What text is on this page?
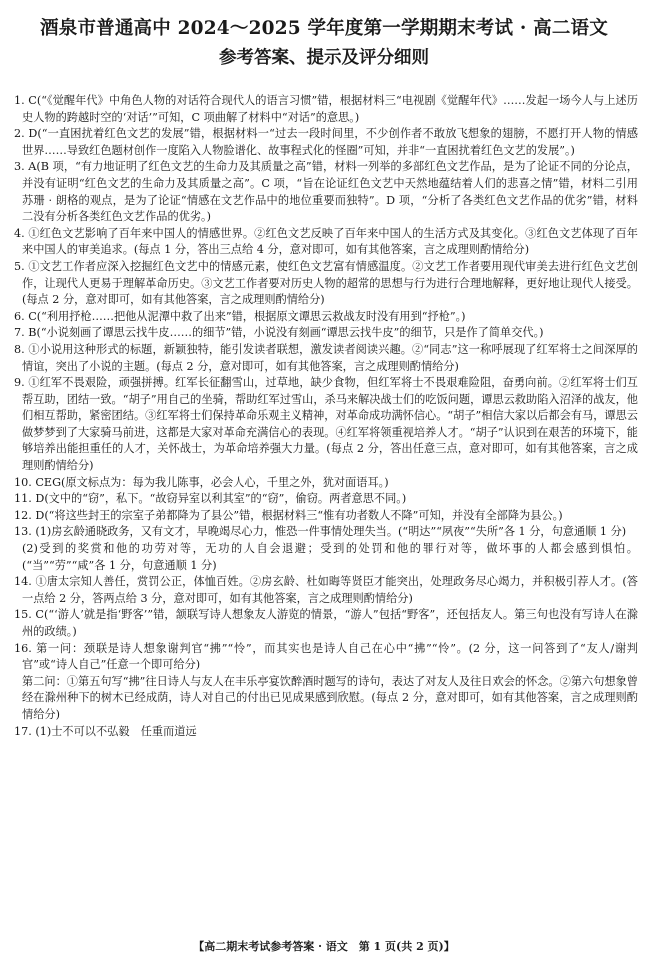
酒泉市普通高中 2024～2025 学年度第一学期期末考试 · 高二语文
参考答案、提示及评分细则

1. C(“《觉醒年代》中角色人物的对话符合现代人的语言习惯”错，根据材料三“电视剧《觉醒年代》……发起一场今人与上述历史人物的跨越时空的‘对话’”可知，C 项曲解了材料中“对话”的意思。)

2. D(“一直困扰着红色文艺的发展”错，根据材料一“过去一段时间里，不少创作者不敢放飞想象的翅膀，不愿打开人物的情感世界……导致红色题材创作一度陷入人物脸谱化、故事程式化的怪圈”可知，并非“一直困扰着红色文艺的发展”。)

3. A(B 项，“有力地证明了红色文艺的生命力及其质量之高”错，材料一列举的多部红色文艺作品，是为了论证不同的分论点，并没有证明“红色文艺的生命力及其质量之高”。C 项，“旨在论证红色文艺中天然地蕴结着人们的悲喜之情”错，材料二引用苏珊 · 朗格的观点，是为了论证“情感在文艺作品中的地位重要而独特”。D 项，“分析了各类红色文艺作品的优劣”错，材料二没有分析各类红色文艺作品的优劣。)

4. ①红色文艺影响了百年来中国人的情感世界。②红色文艺反映了百年来中国人的生活方式及其变化。③红色文艺体现了百年来中国人的审美追求。(每点 1 分，答出三点给 4 分，意对即可，如有其他答案，言之成理则酌情给分)

5. ①文艺工作者应深入挖掘红色文艺中的情感元素，使红色文艺富有情感温度。②文艺工作者要用现代审美去进行红色文艺创作，让现代人更易于理解革命历史。③文艺工作者要对历史人物的超常的思想与行为进行合理地解释，更好地让现代人接受。(每点 2 分，意对即可，如有其他答案，言之成理则酌情给分)

6. C(“利用抒枪……把他从泥潭中救了出来”错，根据原文谭思云救战友时没有用到“抒枪”。)

7. B(“小说刻画了谭思云找牛皮……的细节”错，小说没有刻画“谭思云找牛皮”的细节，只是作了简单交代。)

8. ①小说用这种形式的标题，新颖独特，能引发读者联想，激发读者阅读兴趣。②“同志”这一称呼展现了红军将士之间深厚的情谊，突出了小说的主题。(每点 2 分，意对即可，如有其他答案，言之成理则酌情给分)

9. ①红军不畏艰险，顽强拼搏。红军长征翻雪山，过草地，缺少食物，但红军将士不畏艰难险阻，奋勇向前。②红军将士们互帮互助，团结一致。“胡子”用自己的坐骑，帮助红军过雪山，杀马来解决战士们的吃饭问题，谭思云救助陷入沼泽的战友，他们相互帮助，紧密团结。③红军将士们保持革命乐观主义精神，对革命成功满怀信心。“胡子”相信大家以后都会有马，谭思云做梦梦到了大家骑马前进，这都是大家对革命充满信心的表现。④红军将领重视培养人才。“胡子”认识到在艰苦的环境下，能够培养出能担重任的人才，关怀战士，为革命培养强大力量。(每点 2 分，答出任意三点，意对即可，如有其他答案，言之成理则酌情给分)

10. CEG(原文标点为：每为我儿陈事，必会人心，千里之外，犹对面语耳。)

11. D(文中的“窃”，私下。“故窃异室以利其室”的“窃”，偷窃。两者意思不同。)

12. D(“将这些封王的宗室子弟都降为了县公”错，根据材料三“惟有功者数人不降”可知，并没有全部降为县公。)

13. (1)房玄龄通晓政务，又有文才，早晚竭尽心力，惟恐一件事情处理失当。(“明达”“夙夜”“失所”各 1 分，句意通顺 1 分)

(2)受到的奖赏和他的功劳对等，无功的人自会退避；受到的处罚和他的罪行对等，做坏事的人都会感到惧怕。(“当”“劳”“咸”各 1 分，句意通顺 1 分)

14. ①唐太宗知人善任，赏罚公正，体恤百姓。②房玄龄、杜如晦等贤臣才能突出，处理政务尽心竭力，并积极引荐人才。(答一点给 2 分，答两点给 3 分，意对即可，如有其他答案，言之成理则酌情给分)

15. C(“‘游人’就是指‘野客’”错，颔联写诗人想象友人游览的情景，“游人”包括“野客”，还包括友人。第三句也没有写诗人在滁州的政绩。)

16. 第一问：颈联是诗人想象谢判官“拂”“怜”，而其实也是诗人自己在心中“拂”“怜”。(2 分，这一问答到了“友人/谢判官”或“诗人自己”任意一个即可给分)

第二问：①第五句写“拂”往日诗人与友人在丰乐亭宴饮醉酒时题写的诗句，表达了对友人及往日欢会的怀念。②第六句想象曾经在滁州种下的树木已经成荫，诗人对自己的付出已见成果感到欣慰。(每点 2 分，意对即可，如有其他答案，言之成理则酌情给分)

17. (1)士不可以不弘毅　任重而道远

【高二期末考试参考答案 · 语文　第 1 页(共 2 页)】
